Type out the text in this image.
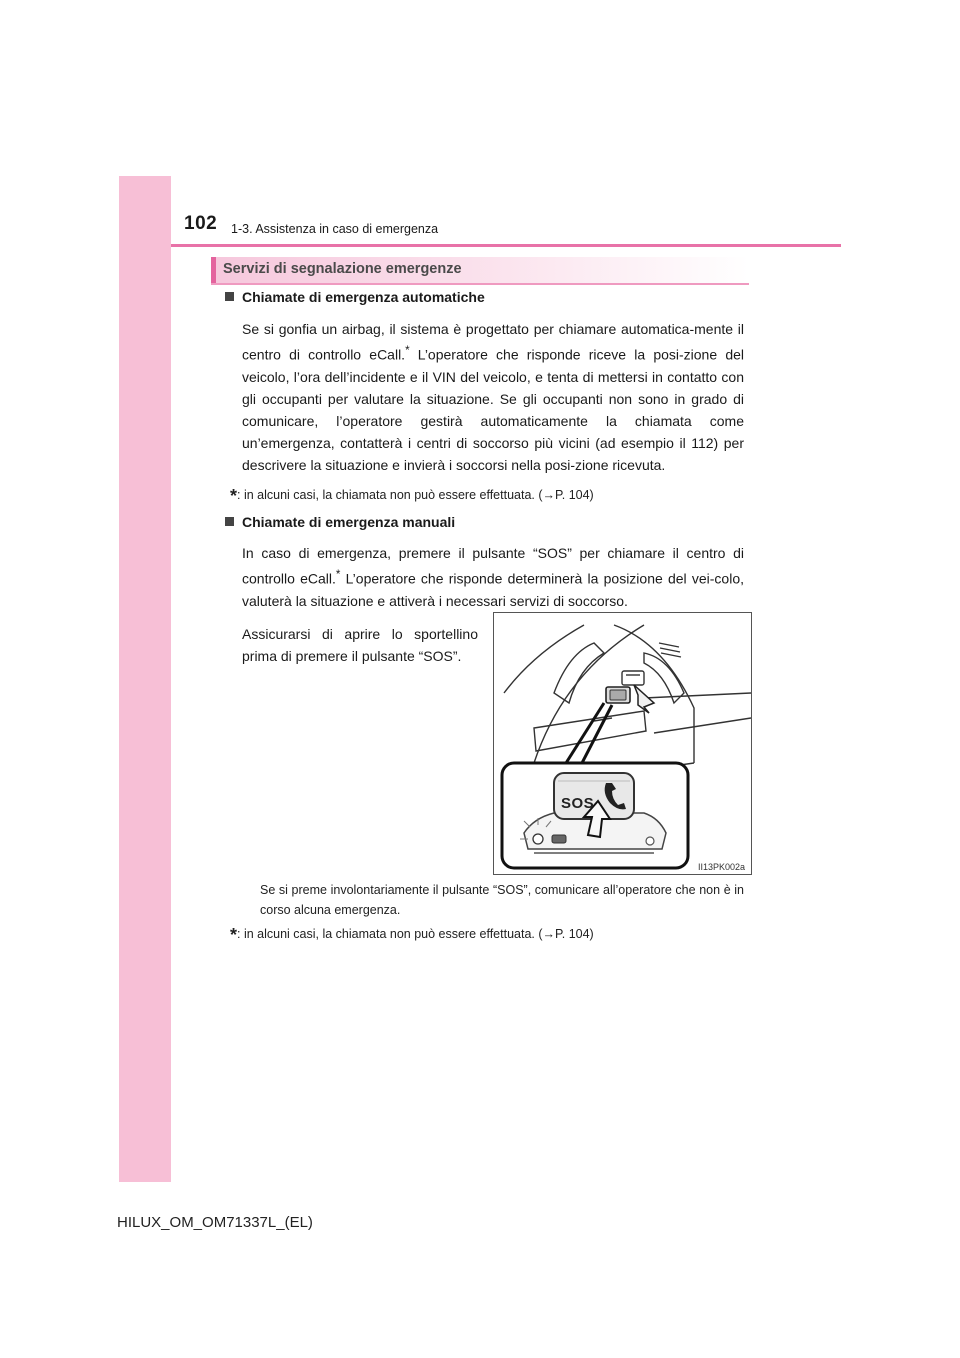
102 1-3. Assistenza in caso di emergenza
Servizi di segnalazione emergenze
Chiamate di emergenza automatiche
Se si gonfia un airbag, il sistema è progettato per chiamare automatica-mente il centro di controllo eCall.* L’operatore che risponde riceve la posi-zione del veicolo, l’ora dell’incidente e il VIN del veicolo, e tenta di mettersi in contatto con gli occupanti per valutare la situazione. Se gli occupanti non sono in grado di comunicare, l’operatore gestirà automaticamente la chiamata come un’emergenza, contatterà i centri di soccorso più vicini (ad esempio il 112) per descrivere la situazione e invierà i soccorsi nella posi-zione ricevuta.
*: in alcuni casi, la chiamata non può essere effettuata. (→P. 104)
Chiamate di emergenza manuali
In caso di emergenza, premere il pulsante “SOS” per chiamare il centro di controllo eCall.* L’operatore che risponde determinerà la posizione del vei-colo, valuterà la situazione e attiverà i necessari servizi di soccorso.
Assicurarsi di aprire lo sportellino prima di premere il pulsante “SOS”.
SOS
II13PK002a
Se si preme involontariamente il pulsante “SOS”, comunicare all’operatore che non è in corso alcuna emergenza.
*: in alcuni casi, la chiamata non può essere effettuata. (→P. 104)
HILUX_OM_OM71337L_(EL)
